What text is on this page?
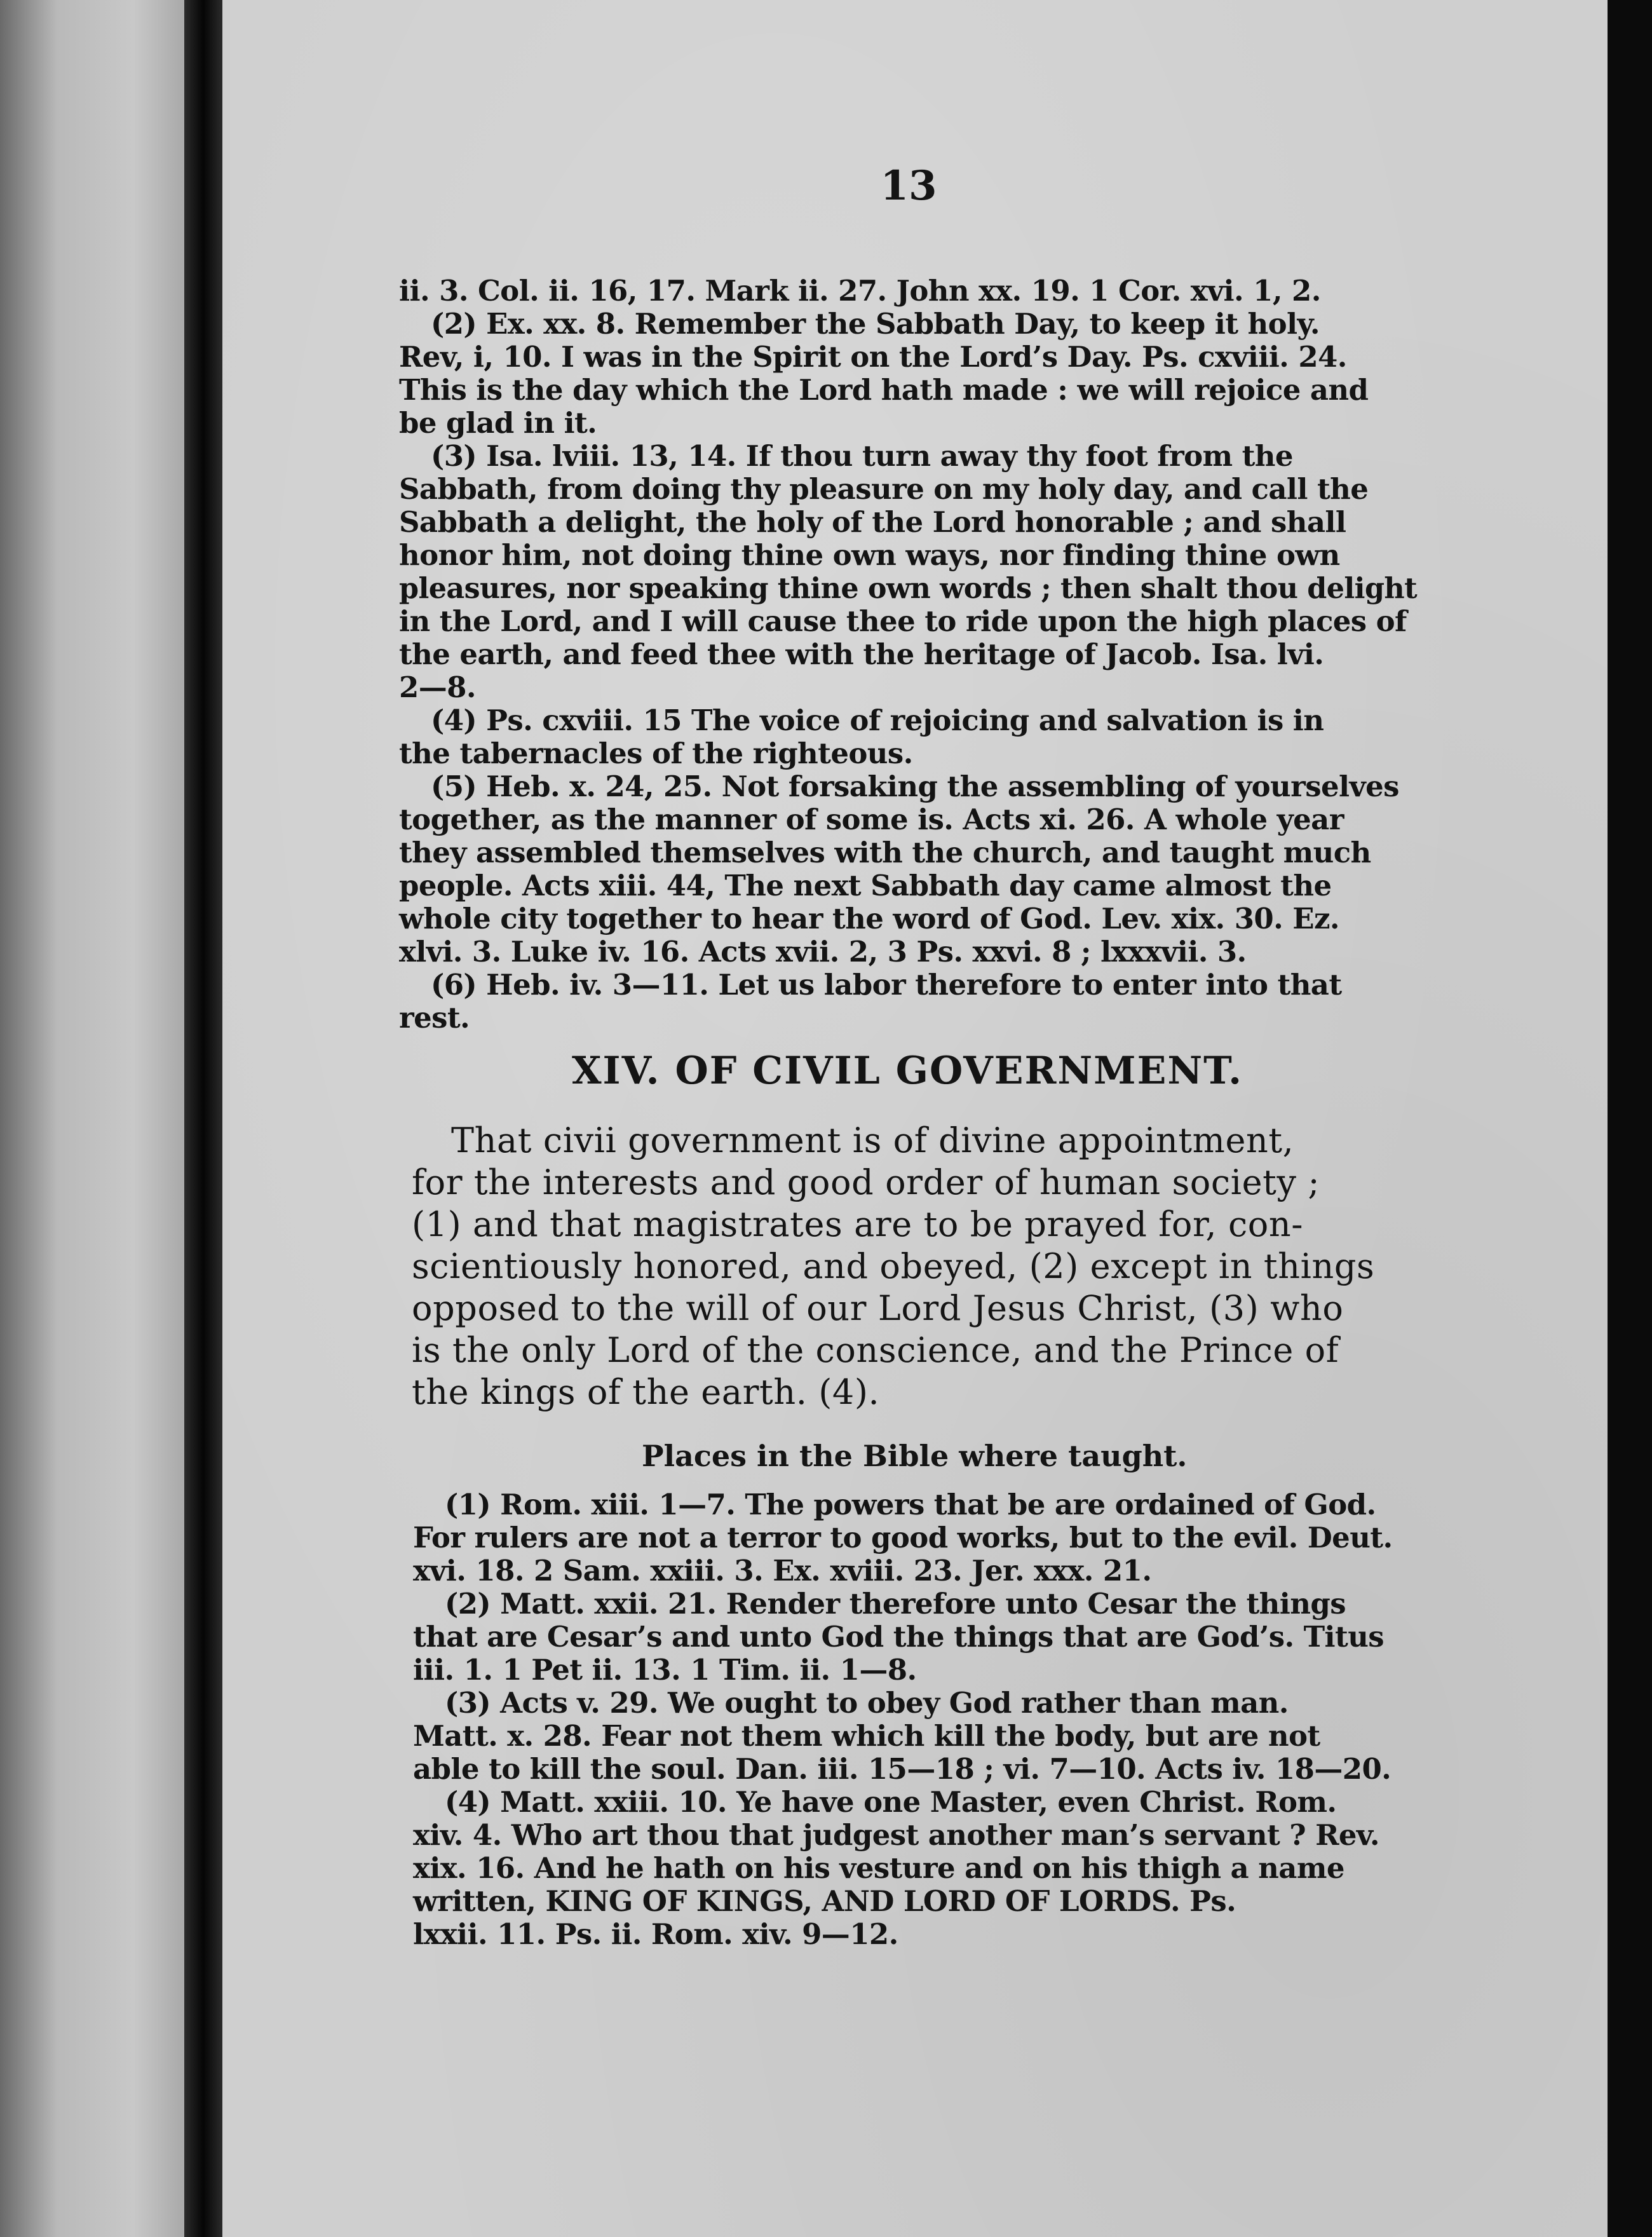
13

ii. 3. Col. ii. 16, 17. Mark ii. 27. John xx. 19. 1 Cor. xvi. 1, 2.

(2) Ex. xx. 8. Remember the Sabbath Day, to keep it holy.

Rev, i, 10. I was in the Spirit on the Lord’s Day. Ps. cxviii. 24.

This is the day which the Lord hath made : we will rejoice and

be glad in it.

(3) Isa. lviii. 13, 14. If thou turn away thy foot from the

Sabbath, from doing thy pleasure on my holy day, and call the

Sabbath a delight, the holy of the Lord honorable ; and shall

honor him, not doing thine own ways, nor finding thine own

pleasures, nor speaking thine own words ; then shalt thou delight

in the Lord, and I will cause thee to ride upon the high places of

the earth, and feed thee with the heritage of Jacob. Isa. lvi.

2—8.

(4) Ps. cxviii. 15 The voice of rejoicing and salvation is in

the tabernacles of the righteous.

(5) Heb. x. 24, 25. Not forsaking the assembling of yourselves

together, as the manner of some is. Acts xi. 26. A whole year

they assembled themselves with the church, and taught much

people. Acts xiii. 44, The next Sabbath day came almost the

whole city together to hear the word of God. Lev. xix. 30. Ez.

xlvi. 3. Luke iv. 16. Acts xvii. 2, 3 Ps. xxvi. 8 ; lxxxvii. 3.

(6) Heb. iv. 3—11. Let us labor therefore to enter into that

rest.

XIV. OF CIVIL GOVERNMENT.

That civii government is of divine appointment,

for the interests and good order of human society ;

(1) and that magistrates are to be prayed for, con-

scientiously honored, and obeyed, (2) except in things

opposed to the will of our Lord Jesus Christ, (3) who

is the only Lord of the conscience, and the Prince of

the kings of the earth. (4).

Places in the Bible where taught.

(1) Rom. xiii. 1—7. The powers that be are ordained of God.

For rulers are not a terror to good works, but to the evil. Deut.

xvi. 18. 2 Sam. xxiii. 3. Ex. xviii. 23. Jer. xxx. 21.

(2) Matt. xxii. 21. Render therefore unto Cesar the things

that are Cesar’s and unto God the things that are God’s. Titus

iii. 1. 1 Pet ii. 13. 1 Tim. ii. 1—8.

(3) Acts v. 29. We ought to obey God rather than man.

Matt. x. 28. Fear not them which kill the body, but are not

able to kill the soul. Dan. iii. 15—18 ; vi. 7—10. Acts iv. 18—20.

(4) Matt. xxiii. 10. Ye have one Master, even Christ. Rom.

xiv. 4. Who art thou that judgest another man’s servant ? Rev.

xix. 16. And he hath on his vesture and on his thigh a name

written, KING OF KINGS, AND LORD OF LORDS. Ps.

lxxii. 11. Ps. ii. Rom. xiv. 9—12.
